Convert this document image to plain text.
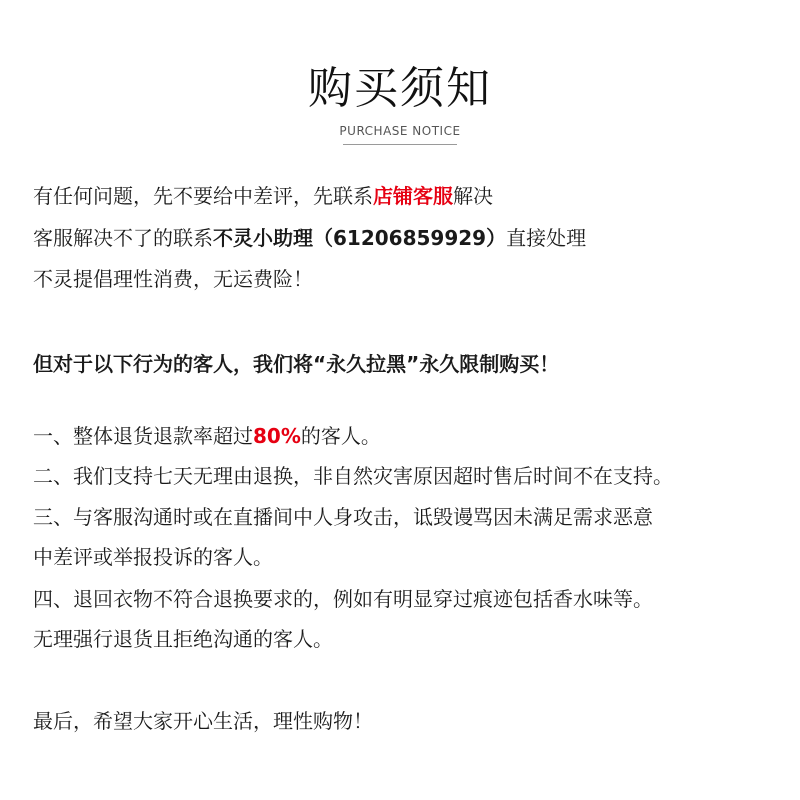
购买须知
PURCHASE NOTICE
有任何问题，先不要给中差评，先联系店铺客服解决
客服解决不了的联系不灵小助理（61206859929）直接处理
不灵提倡理性消费，无运费险！
但对于以下行为的客人，我们将“永久拉黑”永久限制购买！
一、整体退货退款率超过80%的客人。
二、我们支持七天无理由退换，非自然灾害原因超时售后时间不在支持。
三、与客服沟通时或在直播间中人身攻击，诋毁谩骂因未满足需求恶意
中差评或举报投诉的客人。
四、退回衣物不符合退换要求的，例如有明显穿过痕迹包括香水味等。
无理强行退货且拒绝沟通的客人。
最后，希望大家开心生活，理性购物！
